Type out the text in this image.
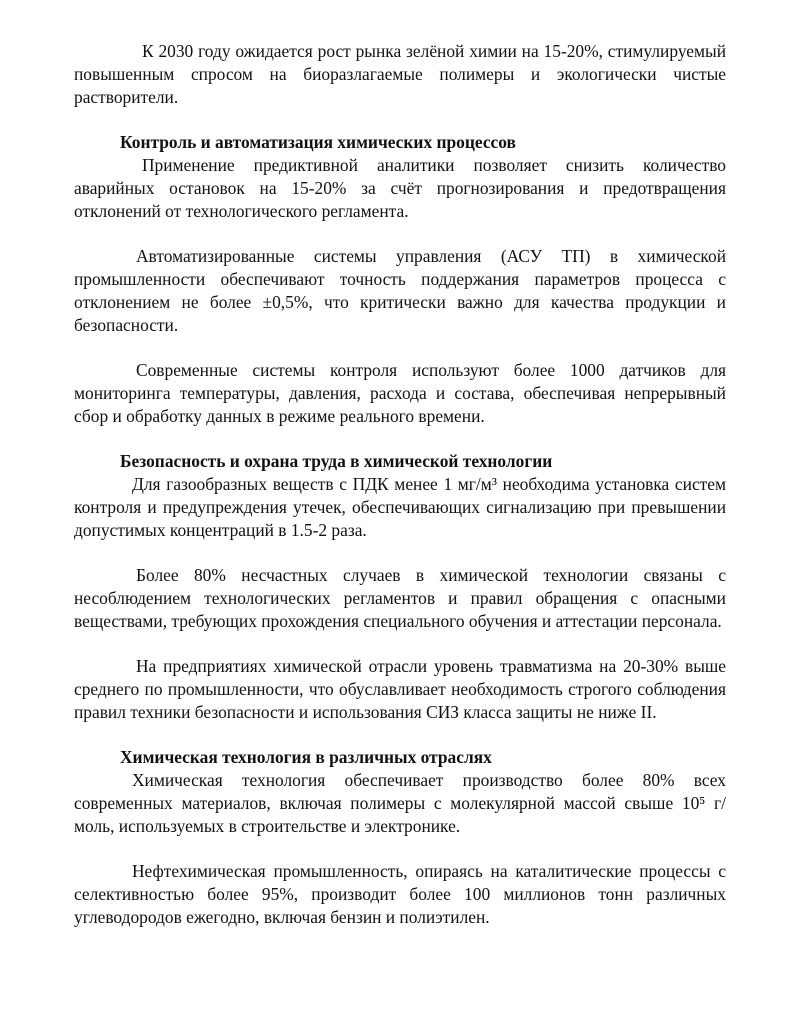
К 2030 году ожидается рост рынка зелёной химии на 15-20%, стимулируемый повышенным спросом на биоразлагаемые полимеры и экологически чистые растворители.

Контроль и автоматизация химических процессов

Применение предиктивной аналитики позволяет снизить количество аварийных остановок на 15-20% за счёт прогнозирования и предотвращения отклонений от технологического регламента.

Автоматизированные системы управления (АСУ ТП) в химической промышленности обеспечивают точность поддержания параметров процесса с отклонением не более ±0,5%, что критически важно для качества продукции и безопасности.

Современные системы контроля используют более 1000 датчиков для мониторинга температуры, давления, расхода и состава, обеспечивая непрерывный сбор и обработку данных в режиме реального времени.

Безопасность и охрана труда в химической технологии

Для газообразных веществ с ПДК менее 1 мг/м³ необходима установка систем контроля и предупреждения утечек, обеспечивающих сигнализацию при превышении допустимых концентраций в 1.5-2 раза.

Более 80% несчастных случаев в химической технологии связаны с несоблюдением технологических регламентов и правил обращения с опасными веществами, требующих прохождения специального обучения и аттестации персонала.

На предприятиях химической отрасли уровень травматизма на 20-30% выше среднего по промышленности, что обуславливает необходимость строгого соблюдения правил техники безопасности и использования СИЗ класса защиты не ниже II.

Химическая технология в различных отраслях

Химическая технология обеспечивает производство более 80% всех современных материалов, включая полимеры с молекулярной массой свыше 10⁵ г/моль, используемых в строительстве и электронике.

Нефтехимическая промышленность, опираясь на каталитические процессы с селективностью более 95%, производит более 100 миллионов тонн различных углеводородов ежегодно, включая бензин и полиэтилен.
